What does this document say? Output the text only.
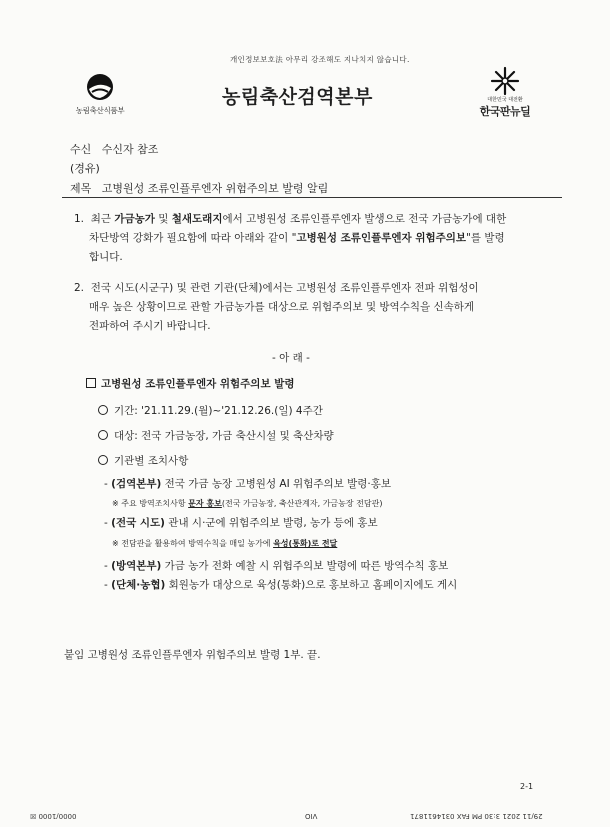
개인정보보호法 아무리 강조해도 지나치지 않습니다.
농림축산식품부
농림축산검역본부	대한민국 대전환
한국판뉴딜
수신 수신자 참조
(경유)
제목 고병원성 조류인플루엔자 위험주의보 발령 알림
1. 최근 가금농가 및 철새도래지에서 고병원성 조류인플루엔자 발생으로 전국 가금농가에 대한
차단방역 강화가 필요함에 따라 아래와 같이 "고병원성 조류인플루엔자 위험주의보"를 발령
합니다.
2. 전국 시도(시군구) 및 관련 기관(단체)에서는 고병원성 조류인플루엔자 전파 위험성이
매우 높은 상황이므로 관할 가금농가를 대상으로 위험주의보 및 방역수칙을 신속하게
전파하여 주시기 바랍니다.
- 아 래 -
고병원성 조류인플루엔자 위험주의보 발령
기간: '21.11.29.(월)~'21.12.26.(일) 4주간
대상: 전국 가금농장, 가금 축산시설 및 축산차량
기관별 조치사항
- (검역본부) 전국 가금 농장 고병원성 AI 위험주의보 발령·홍보
※ 주요 방역조치사항 문자 홍보(전국 가금농장, 축산관계자, 가금농장 전담관)
- (전국 시도) 관내 시·군에 위험주의보 발령, 농가 등에 홍보
※ 전담관을 활용하여 방역수칙을 매일 농가에 육성(통화)로 전달
- (방역본부) 가금 농가 전화 예찰 시 위험주의보 발령에 따른 방역수칙 홍보
- (단체·농협) 회원농가 대상으로 육성(통화)으로 홍보하고 홈페이지에도 게시
붙임 고병원성 조류인플루엔자 위험주의보 발령 1부. 끝.
2-1
0000/1000 ☒	VIO	29/11 2021 3:30 PM FAX 0314611871
